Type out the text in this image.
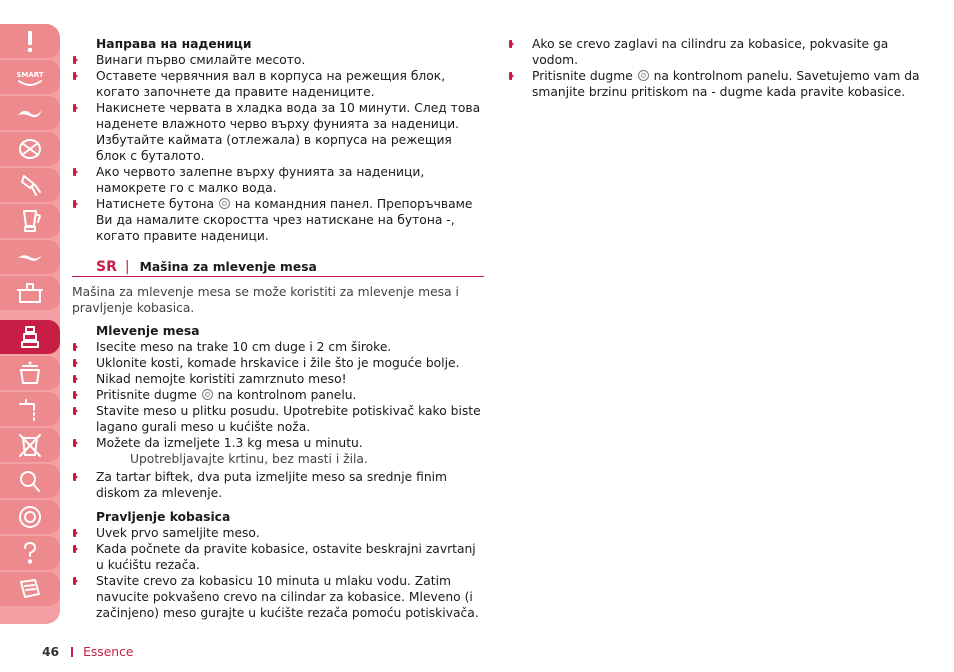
SMART

Направа на наденици

Винаги първо смилайте месото.
Оставете червячния вал в корпуса на режещия блок, когато започнете да правите надениците.
Накиснете червата в хладка вода за 10 минути. След това наденете влажното черво върху фунията за наденици. Избутайте каймата (отлежала) в корпуса на режещия блок с буталото.
Ако червото залепне върху фунията за наденици, намокрете го с малко вода.
Натиснете бутона на командния панел. Препоръчваме Ви да намалите скоростта чрез натискане на бутона -, когато правите наденици.
SR | Mašina za mlevenje mesa

Mašina za mlevenje mesa se može koristiti za mlevenje mesa i pravljenje kobasica.

Mlevenje mesa

Isecite meso na trake 10 cm duge i 2 cm široke.
Uklonite kosti, komade hrskavice i žile što je moguće bolje.
Nikad nemojte koristiti zamrznuto meso!
Pritisnite dugme na kontrolnom panelu.
Stavite meso u plitku posudu. Upotrebite potiskivač kako biste lagano gurali meso u kućište noža.
Možete da izmeljete 1.3 kg mesa u minutu.
Upotrebljavajte krtinu, bez masti i žila.
Za tartar biftek, dva puta izmeljite meso sa srednje finim diskom za mlevenje.

Pravljenje kobasica

Uvek prvo sameljite meso.
Kada počnete da pravite kobasice, ostavite beskrajni zavrtanj u kućištu rezača.
Stavite crevo za kobasicu 10 minuta u mlaku vodu. Zatim navucite pokvašeno crevo na cilindar za kobasice. Mleveno (i začinjeno) meso gurajte u kućište rezača pomoću potiskivača.
Ako se crevo zaglavi na cilindru za kobasice, pokvasite ga vodom.
Pritisnite dugme na kontrolnom panelu. Savetujemo vam da smanjite brzinu pritiskom na - dugme kada pravite kobasice.
46 Essence
